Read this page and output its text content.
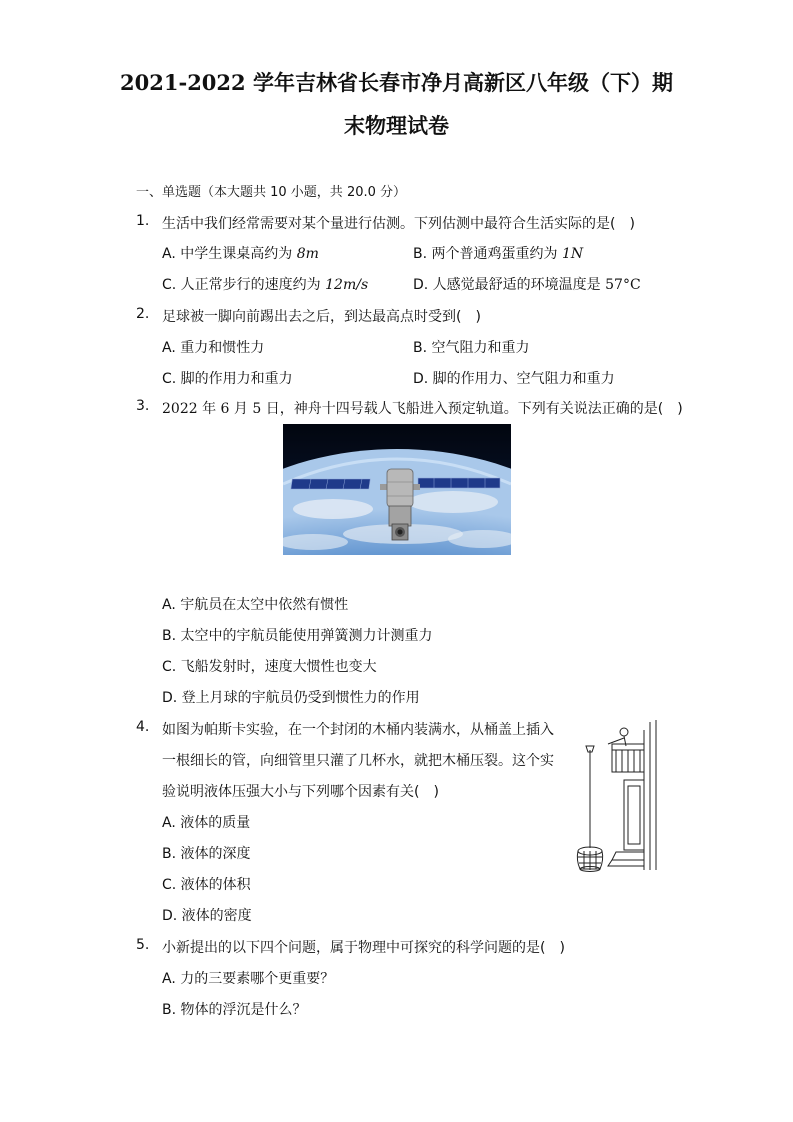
2021-2022 学年吉林省长春市净月高新区八年级（下）期
末物理试卷
一、单选题（本大题共 10 小题，共 20.0 分）
1. 生活中我们经常需要对某个量进行估测。下列估测中最符合生活实际的是(　)
A. 中学生课桌高约为 8m	B. 两个普通鸡蛋重约为 1N
C. 人正常步行的速度约为 12m/s	D. 人感觉最舒适的环境温度是 57°C
2. 足球被一脚向前踢出去之后，到达最高点时受到(　)
A. 重力和惯性力	B. 空气阻力和重力
C. 脚的作用力和重力	D. 脚的作用力、空气阻力和重力
3. 2022 年 6 月 5 日，神舟十四号载人飞船进入预定轨道。下列有关说法正确的是(　)
A. 宇航员在太空中依然有惯性
B. 太空中的宇航员能使用弹簧测力计测重力
C. 飞船发射时，速度大惯性也变大
D. 登上月球的宇航员仍受到惯性力的作用
4. 如图为帕斯卡实验，在一个封闭的木桶内装满水，从桶盖上插入
一根细长的管，向细管里只灌了几杯水，就把木桶压裂。这个实
验说明液体压强大小与下列哪个因素有关(　)
A. 液体的质量
B. 液体的深度
C. 液体的体积
D. 液体的密度
5. 小新提出的以下四个问题，属于物理中可探究的科学问题的是(　)
A. 力的三要素哪个更重要？
B. 物体的浮沉是什么？
